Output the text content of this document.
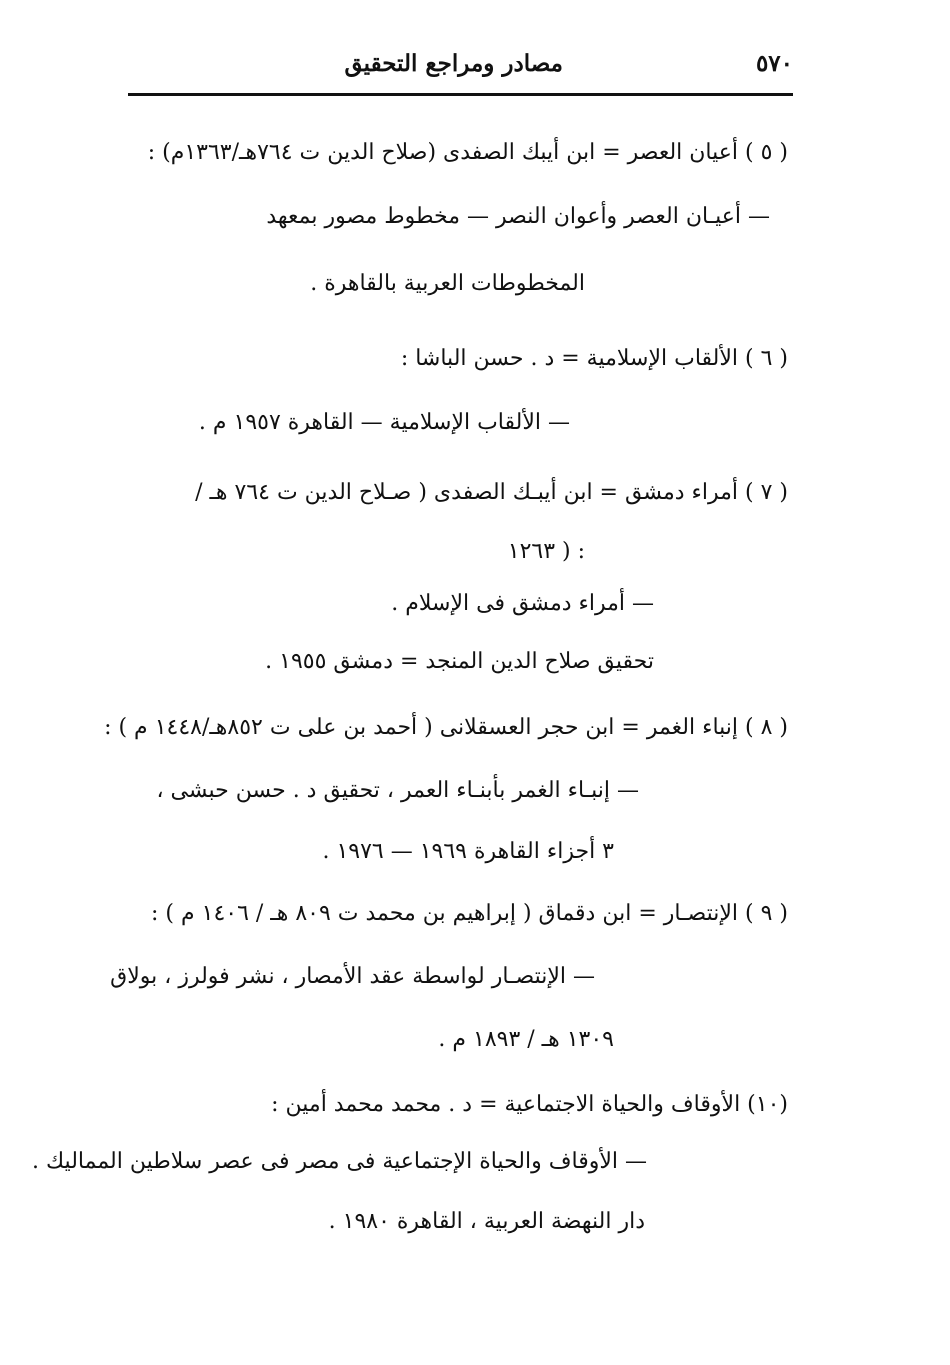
٥٧٠
مصادر ومراجع التحقيق
( ٥ ) أعيان العصر = ابن أيبك الصفدى (صلاح الدين ت ٧٦٤هـ/١٣٦٣م) :
— أعيـان العصر وأعوان النصر — مخطوط مصور بمعهد
المخطوطات العربية بالقاهرة .
( ٦ ) الألقاب الإسلامية = د . حسن الباشا :
— الألقاب الإسلامية — القاهرة ١٩٥٧ م .
( ٧ ) أمراء دمشق = ابن أيبـك الصفدى ( صـلاح الدين ت ٧٦٤ هـ /
١٢٦٣ ) :
— أمراء دمشق فى الإسلام .
تحقيق صلاح الدين المنجد = دمشق ١٩٥٥ .
( ٨ ) إنباء الغمر = ابن حجر العسقلانى ( أحمد بن على ت ٨٥٢هـ/١٤٤٨ م ) :
— إنبـاء الغمر بأبنـاء العمر ، تحقيق د . حسن حبشى ،
٣ أجزاء القاهرة ١٩٦٩ — ١٩٧٦ .
( ٩ ) الإنتصـار = ابن دقماق ( إبراهيم بن محمد ت ٨٠٩ هـ / ١٤٠٦ م ) :
— الإنتصـار لواسطة عقد الأمصار ، نشر فولرز ، بولاق
١٣٠٩ هـ / ١٨٩٣ م .
(١٠) الأوقاف والحياة الاجتماعية = د . محمد محمد أمين :
— الأوقاف والحياة الإجتماعية فى مصر فى عصر سلاطين المماليك .
دار النهضة العربية ، القاهرة ١٩٨٠ .
